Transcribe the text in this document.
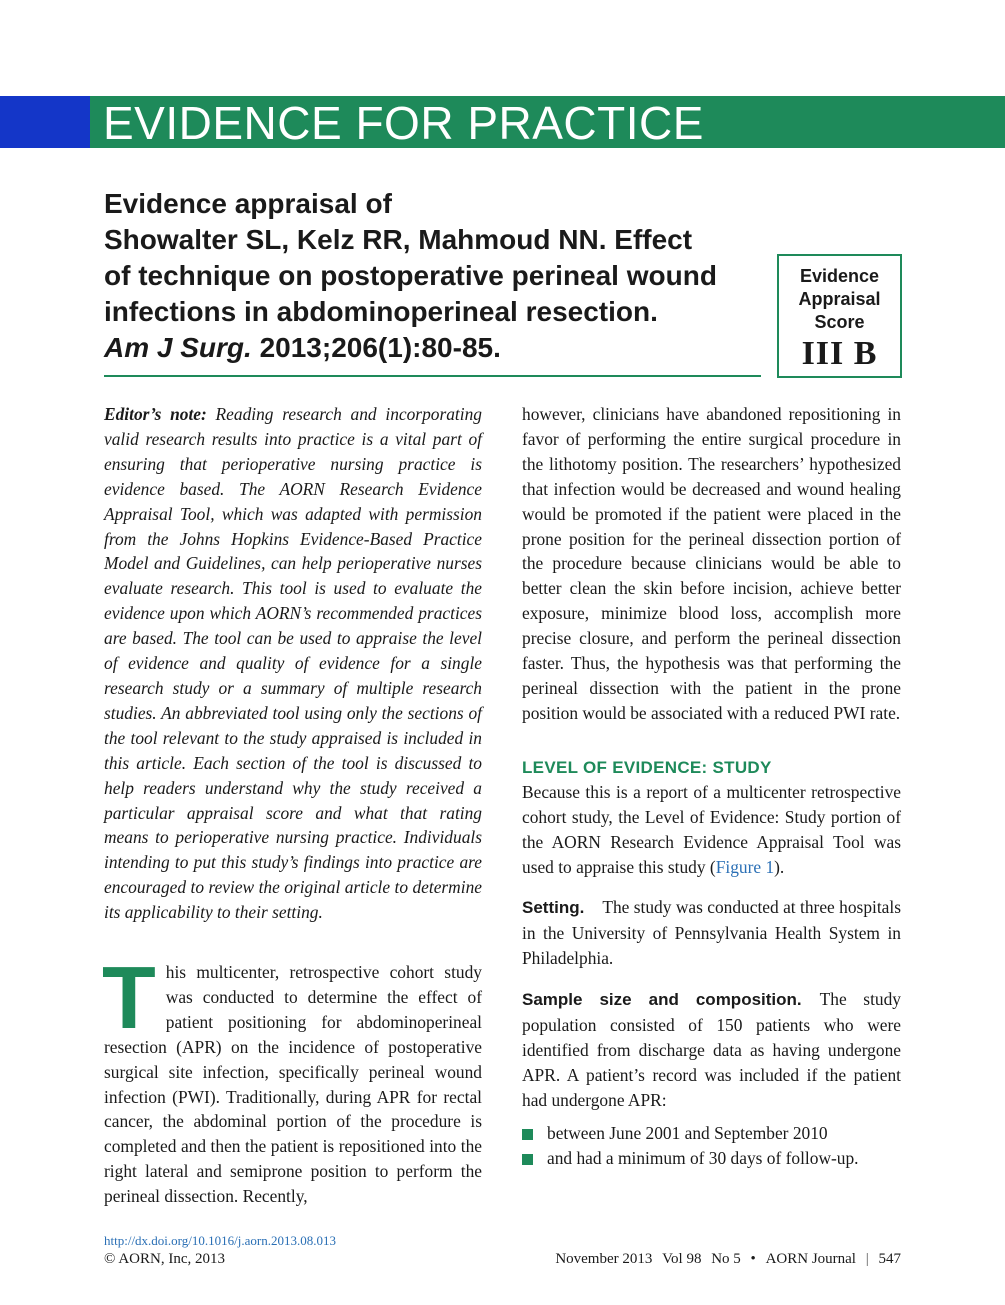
EVIDENCE FOR PRACTICE
Evidence appraisal of
Showalter SL, Kelz RR, Mahmoud NN. Effect
of technique on postoperative perineal wound
infections in abdominoperineal resection.
Am J Surg. 2013;206(1):80-85.
Evidence
Appraisal
Score
III B

Editor’s note: Reading research and incorporating valid research results into practice is a vital part of ensuring that perioperative nursing practice is evidence based. The AORN Research Evidence Appraisal Tool, which was adapted with permission from the Johns Hopkins Evidence-Based Practice Model and Guidelines, can help perioperative nurses evaluate research. This tool is used to evaluate the evidence upon which AORN’s recommended practices are based. The tool can be used to appraise the level of evidence and quality of evidence for a single research study or a summary of multiple research studies. An abbreviated tool using only the sections of the tool relevant to the study appraised is included in this article. Each section of the tool is discussed to help readers understand why the study received a particular appraisal score and what that rating means to perioperative nursing practice. Individuals intending to put this study’s findings into practice are encouraged to review the original article to determine its applicability to their setting.

This multicenter, retrospective cohort study was conducted to determine the effect of patient positioning for abdominoperineal resection (APR) on the incidence of postoperative surgical site infection, specifically perineal wound infection (PWI). Traditionally, during APR for rectal cancer, the abdominal portion of the procedure is completed and then the patient is repositioned into the right lateral and semiprone position to perform the perineal dissection. Recently,

however, clinicians have abandoned repositioning in favor of performing the entire surgical procedure in the lithotomy position. The researchers’ hypothesized that infection would be decreased and wound healing would be promoted if the patient were placed in the prone position for the perineal dissection portion of the procedure because clinicians would be able to better clean the skin before incision, achieve better exposure, minimize blood loss, accomplish more precise closure, and perform the perineal dissection faster. Thus, the hypothesis was that performing the perineal dissection with the patient in the prone position would be associated with a reduced PWI rate.

LEVEL OF EVIDENCE: STUDY

Because this is a report of a multicenter retrospective cohort study, the Level of Evidence: Study portion of the AORN Research Evidence Appraisal Tool was used to appraise this study (Figure 1).

Setting. The study was conducted at three hospitals in the University of Pennsylvania Health System in Philadelphia.

Sample size and composition. The study population consisted of 150 patients who were identified from discharge data as having undergone APR. A patient’s record was included if the patient had undergone APR:

between June 2001 and September 2010
and had a minimum of 30 days of follow-up.
http://dx.doi.org/10.1016/j.aorn.2013.08.013
© AORN, Inc, 2013	November 2013 Vol 98 No 5 • AORN Journal | 547
